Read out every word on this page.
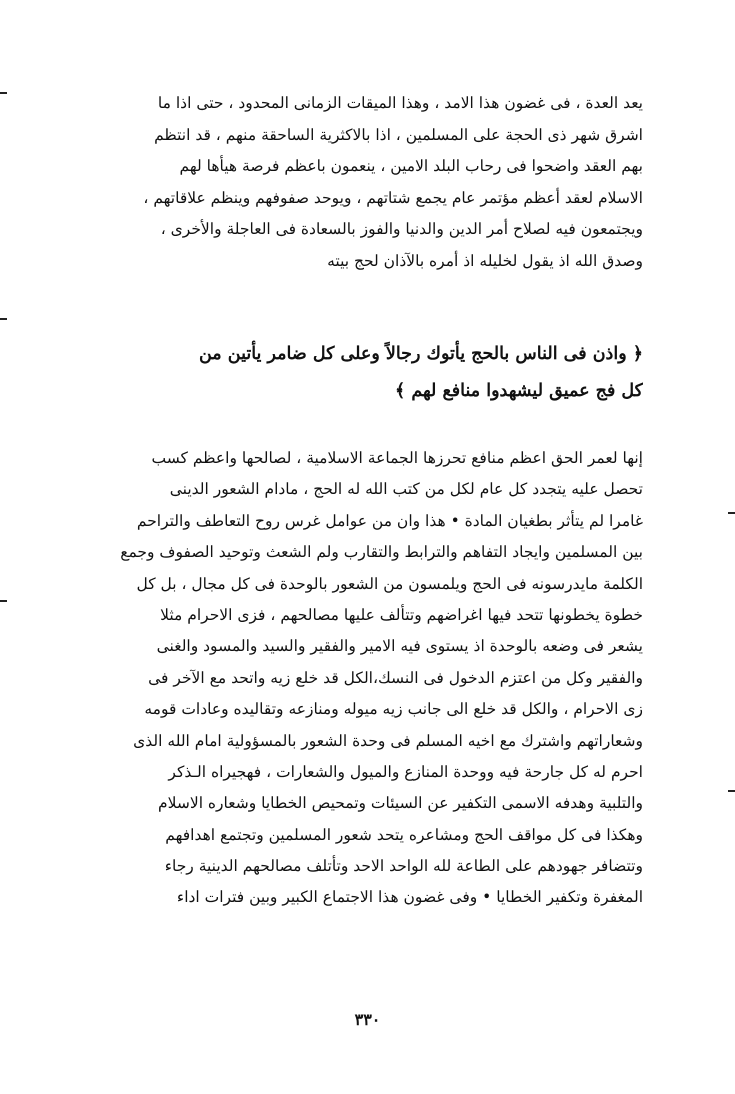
يعد العدة ، فى غضون هذا الامد ، وهذا الميقات الزمانى المحدود ، حتى اذا ما
اشرق شهر ذى الحجة على المسلمين ، اذا بالاكثرية الساحقة منهم ، قد انتظم
بهم العقد واضحوا فى رحاب البلد الامين ، ينعمون باعظم فرصة هيأها لهم
الاسلام لعقد أعظم مؤتمر عام يجمع شتاتهم ، ويوحد صفوفهم وينظم علاقاتهم ،
ويجتمعون فيه لصلاح أمر الدين والدنيا والفوز بالسعادة فى العاجلة والأخرى ،
وصدق الله اذ يقول لخليله اذ أمره بالآذان لحج بيته
﴿ واذن فى الناس بالحج يأتوك رجالاً وعلى كل ضامر يأتين من
كل فج عميق ليشهدوا منافع لهم ﴾
إنها لعمر الحق اعظم منافع تحرزها الجماعة الاسلامية ، لصالحها واعظم كسب
تحصل عليه يتجدد كل عام لكل من كتب الله له الحج ، مادام الشعور الدينى
غامرا لم يتأثر بطغيان المادة • هذا وان من عوامل غرس روح التعاطف والتراحم
بين المسلمين وايجاد التفاهم والترابط والتقارب ولم الشعث وتوحيد الصفوف وجمع
الكلمة مايدرسونه فى الحج ويلمسون من الشعور بالوحدة فى كل مجال ، بل كل
خطوة يخطونها تتحد فيها اغراضهم وتتألف عليها مصالحهم ، فزى الاحرام مثلا
يشعر فى وضعه بالوحدة اذ يستوى فيه الامير والفقير والسيد والمسود والغنى
والفقير وكل من اعتزم الدخول فى النسك،الكل قد خلع زيه واتحد مع الآخر فى
زى الاحرام ، والكل قد خلع الى جانب زيه ميوله ومنازعه وتقاليده وعادات قومه
وشعاراتهم واشترك مع اخيه المسلم فى وحدة الشعور بالمسؤولية امام الله الذى
احرم له كل جارحة فيه ووحدة المنازع والميول والشعارات ، فهجيراه الـذكر
والتلبية وهدفه الاسمى التكفير عن السيئات وتمحيص الخطايا وشعاره الاسلام
وهكذا فى كل مواقف الحج ومشاعره يتحد شعور المسلمين وتجتمع اهدافهم
وتتضافر جهودهم على الطاعة لله الواحد الاحد وتأتلف مصالحهم الدينية رجاء
المغفرة وتكفير الخطايا • وفى غضون هذا الاجتماع الكبير وبين فترات اداء
٣٣٠
